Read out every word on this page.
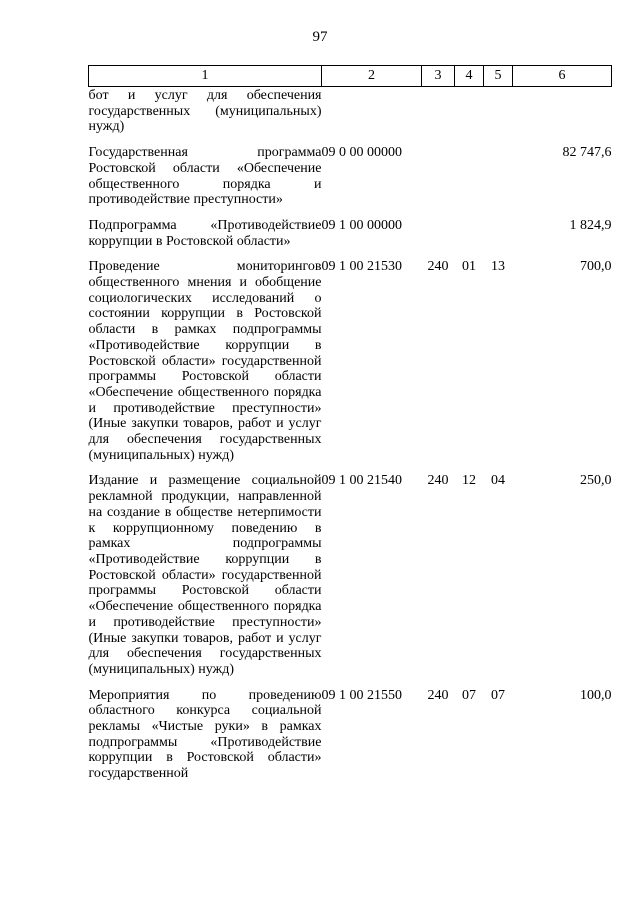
97
1	2	3	4	5	6
бот и услуг для обеспечения государственных (муниципальных) нужд)					
Государственная программа Ростовской области «Обеспечение общественного порядка и противодействие преступности»	09 0 00 00000				82 747,6
Подпрограмма «Противодействие коррупции в Ростовской области»	09 1 00 00000				1 824,9
Проведение мониторингов общественного мнения и обобщение социологических исследований о состоянии коррупции в Ростовской области в рамках подпрограммы «Противодействие коррупции в Ростовской области» государственной программы Ростовской области «Обеспечение общественного порядка и противодействие преступности» (Иные закупки товаров, работ и услуг для обеспечения государственных (муниципальных) нужд)	09 1 00 21530	240	01	13	700,0
Издание и размещение социальной рекламной продукции, направленной на создание в обществе нетерпимости к коррупционному поведению в рамках подпрограммы «Противодействие коррупции в Ростовской области» государственной программы Ростовской области «Обеспечение общественного порядка и противодействие преступности» (Иные закупки товаров, работ и услуг для обеспечения государственных (муниципальных) нужд)	09 1 00 21540	240	12	04	250,0
Мероприятия по проведению областного конкурса социальной рекламы «Чистые руки» в рамках подпрограммы «Противодействие коррупции в Ростовской области» государственной	09 1 00 21550	240	07	07	100,0
